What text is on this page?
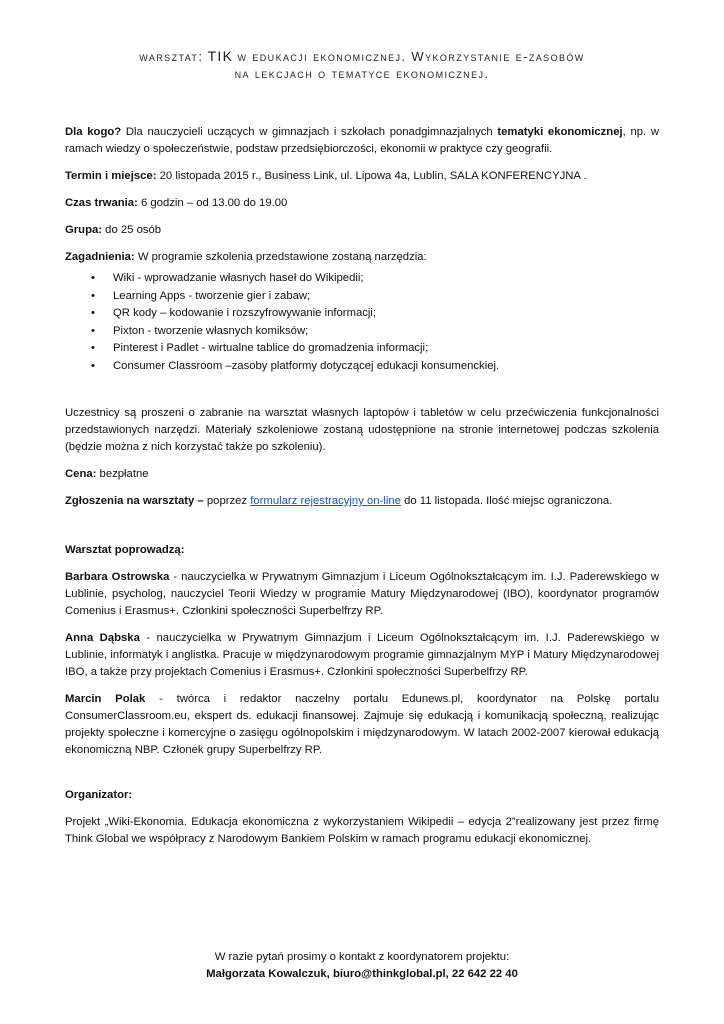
warsztat: TIK w edukacji ekonomicznej. Wykorzystanie e-zasobów
na lekcjach o tematyce ekonomicznej.

Dla kogo? Dla nauczycieli uczących w gimnazjach i szkołach ponadgimnazjalnych tematyki ekonomicznej, np. w ramach wiedzy o społeczeństwie, podstaw przedsiębiorczości, ekonomii w praktyce czy geografii.

Termin i miejsce: 20 listopada 2015 r., Business Link, ul. Lipowa 4a, Lublin, SALA KONFERENCYJNA .

Czas trwania: 6 godzin – od 13.00 do 19.00

Grupa: do 25 osób

Zagadnienia: W programie szkolenia przedstawione zostaną narzędzia:

• Wiki - wprowadzanie własnych haseł do Wikipedii;
• Learning Apps - tworzenie gier i zabaw;
• QR kody – kodowanie i rozszyfrowywanie informacji;
• Pixton - tworzenie własnych komiksów;
• Pinterest i Padlet - wirtualne tablice do gromadzenia informacji;
• Consumer Classroom –zasoby platformy dotyczącej edukacji konsumenckiej.

Uczestnicy są proszeni o zabranie na warsztat własnych laptopów i tabletów w celu przećwiczenia funkcjonalności przedstawionych narzędzi. Materiały szkoleniowe zostaną udostępnione na stronie internetowej podczas szkolenia (będzie można z nich korzystać także po szkoleniu).

Cena: bezpłatne

Zgłoszenia na warsztaty – poprzez formularz rejestracyjny on-line do 11 listopada. Ilość miejsc ograniczona.

Warsztat poprowadzą:

Barbara Ostrowska - nauczycielka w Prywatnym Gimnazjum i Liceum Ogólnokształcącym im. I.J. Paderewskiego w Lublinie, psycholog, nauczyciel Teorii Wiedzy w programie Matury Międzynarodowej (IBO), koordynator programów Comenius i Erasmus+. Członkini społeczności Superbelfrzy RP.

Anna Dąbska - nauczycielka w Prywatnym Gimnazjum i Liceum Ogólnokształcącym im. I.J. Paderewskiego w Lublinie, informatyk i anglistka. Pracuje w międzynarodowym programie gimnazjalnym MYP i Matury Międzynarodowej IBO, a także przy projektach Comenius i Erasmus+. Członkini społeczności Superbelfrzy RP.

Marcin Polak - twórca i redaktor naczelny portalu Edunews.pl, koordynator na Polskę portalu ConsumerClassroom.eu, ekspert ds. edukacji finansowej. Zajmuje się edukacją i komunikacją społeczną, realizując projekty społeczne i komercyjne o zasięgu ogólnopolskim i międzynarodowym. W latach 2002-2007 kierował edukacją ekonomiczną NBP. Członek grupy Superbelfrzy RP.

Organizator:

Projekt „Wiki-Ekonomia. Edukacja ekonomiczna z wykorzystaniem Wikipedii – edycja 2”realizowany jest przez firmę Think Global we współpracy z Narodowym Bankiem Polskim w ramach programu edukacji ekonomicznej.

W razie pytań prosimy o kontakt z koordynatorem projektu:
Małgorzata Kowalczuk, biuro@thinkglobal.pl, 22 642 22 40
